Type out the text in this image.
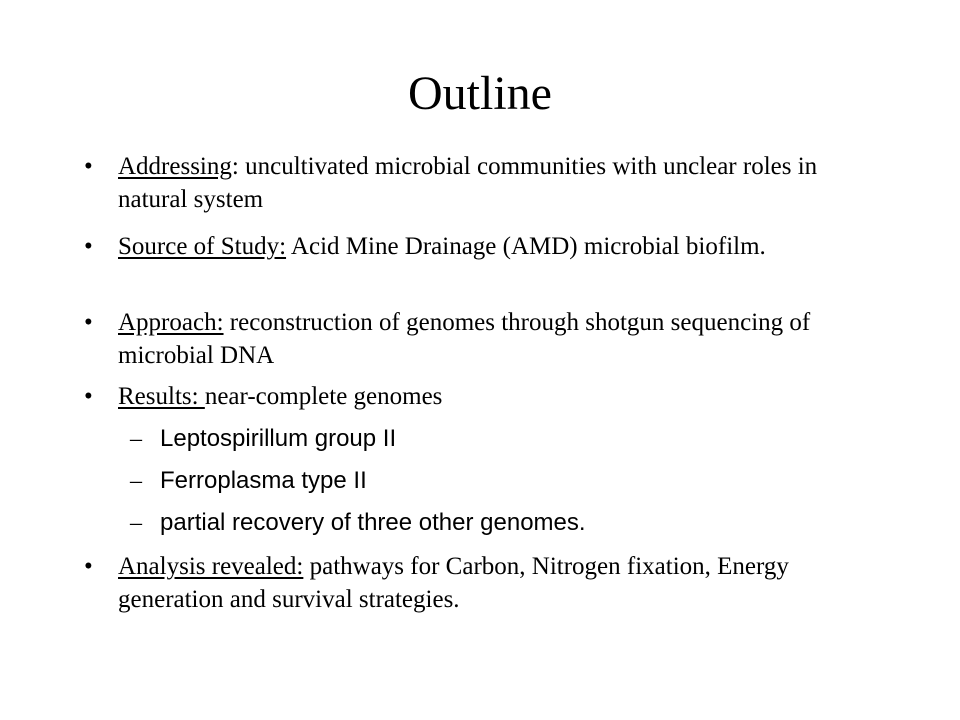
Outline
•	Addressing: uncultivated microbial communities with unclear roles in natural system
•	Source of Study: Acid Mine Drainage (AMD) microbial biofilm.
•	Approach: reconstruction of genomes through shotgun sequencing of microbial DNA
•	Results: near-complete genomes
– Leptospirillum group II
– Ferroplasma type II
– partial recovery of three other genomes.
•	Analysis revealed: pathways for Carbon, Nitrogen fixation, Energy generation and survival strategies.
